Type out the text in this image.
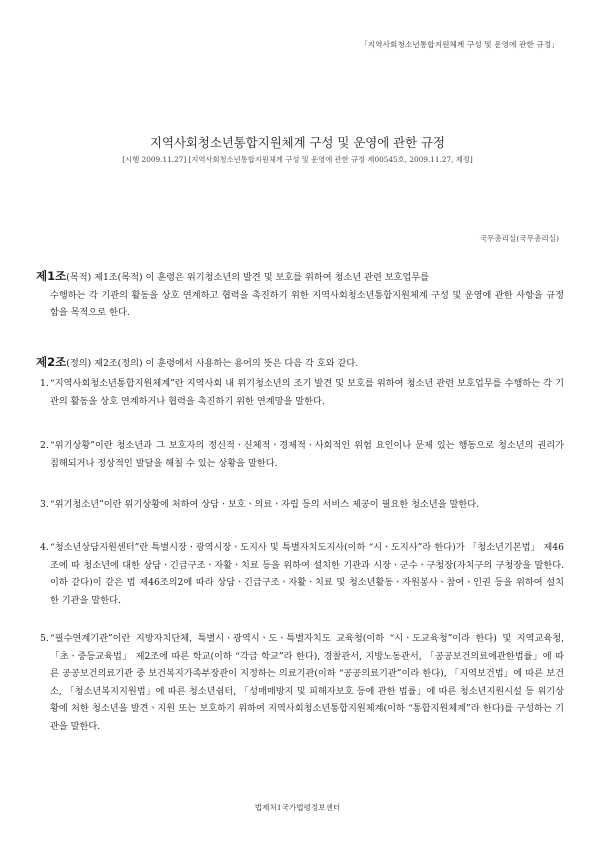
「지역사회청소년통합지원체계 구성 및 운영에 관한 규정」
지역사회청소년통합지원체계 구성 및 운영에 관한 규정
[시행 2009.11.27] [지역사회청소년통합지원체계 구성 및 운영에 관한 규정 제00545호, 2009.11.27, 제정]
국무총리실(국무총리실)
제1조(목적) 제1조(목적) 이 훈령은 위기청소년의 발견 및 보호를 위하여 청소년 관련 보호업무를
수행하는 각 기관의 활동을 상호 연계하고 협력을 촉진하기 위한 지역사회청소년통합지원체계 구성 및 운영에 관한 사항을 규정함을 목적으로 한다.
제2조(정의) 제2조(정의) 이 훈령에서 사용하는 용어의 뜻은 다음 각 호와 같다.
1. “지역사회청소년통합지원체계”란 지역사회 내 위기청소년의 조기 발견 및 보호를 위하여 청소년 관련 보호업무를 수행하는 각 기관의 활동을 상호 연계하거나 협력을 촉진하기 위한 연계망을 말한다.
2. “위기상황”이란 청소년과 그 보호자의 정신적ㆍ신체적ㆍ경제적ㆍ사회적인 위험 요인이나 문제 있는 행동으로 청소년의 권리가 침해되거나 정상적인 발달을 해칠 수 있는 상황을 말한다.
3. “위기청소년”이란 위기상황에 처하여 상담ㆍ보호ㆍ의료ㆍ자립 등의 서비스 제공이 필요한 청소년을 말한다.
4. “청소년상담지원센터”란 특별시장ㆍ광역시장ㆍ도지사 및 특별자치도지사(이하 “시ㆍ도지사”라 한다)가 「청소년기본법」 제46조에 따 청소년에 대한 상담ㆍ긴급구조ㆍ자활ㆍ치료 등을 위하여 설치한 기관과 시장ㆍ군수ㆍ구청장(자치구의 구청장을 말한다. 이하 같다)이 같은 법 제46조의2에 따라 상담ㆍ긴급구조ㆍ자활ㆍ치료 및 청소년활동ㆍ자원봉사ㆍ참여ㆍ인권 등을 위하여 설치한 기관을 말한다.
5. “필수연계기관”이란 지방자치단체, 특별시ㆍ광역시ㆍ도ㆍ특별자치도 교육청(이하 “시ㆍ도교육청”이라 한다) 및 지역교육청, 「초ㆍ중등교육법」 제2조에 따른 학교(이하 “각급 학교”라 한다), 경찰관서, 지방노동관서, 「공공보건의료에관한법률」에 따른 공공보건의료기관 중 보건복지가족부장관이 지정하는 의료기관(이하 “공공의료기관”이라 한다), 「지역보건법」에 따른 보건소, 「청소년복지지원법」에 따른 청소년쉼터, 「성매매방지 및 피해자보호 등에 관한 법률」에 따른 청소년지원시설 등 위기상황에 처한 청소년을 발견ㆍ지원 또는 보호하기 위하여 지역사회청소년통합지원체계(이하 “통합지원체계”라 한다)를 구성하는 기관을 말한다.
법제처1국가법령정보센터
